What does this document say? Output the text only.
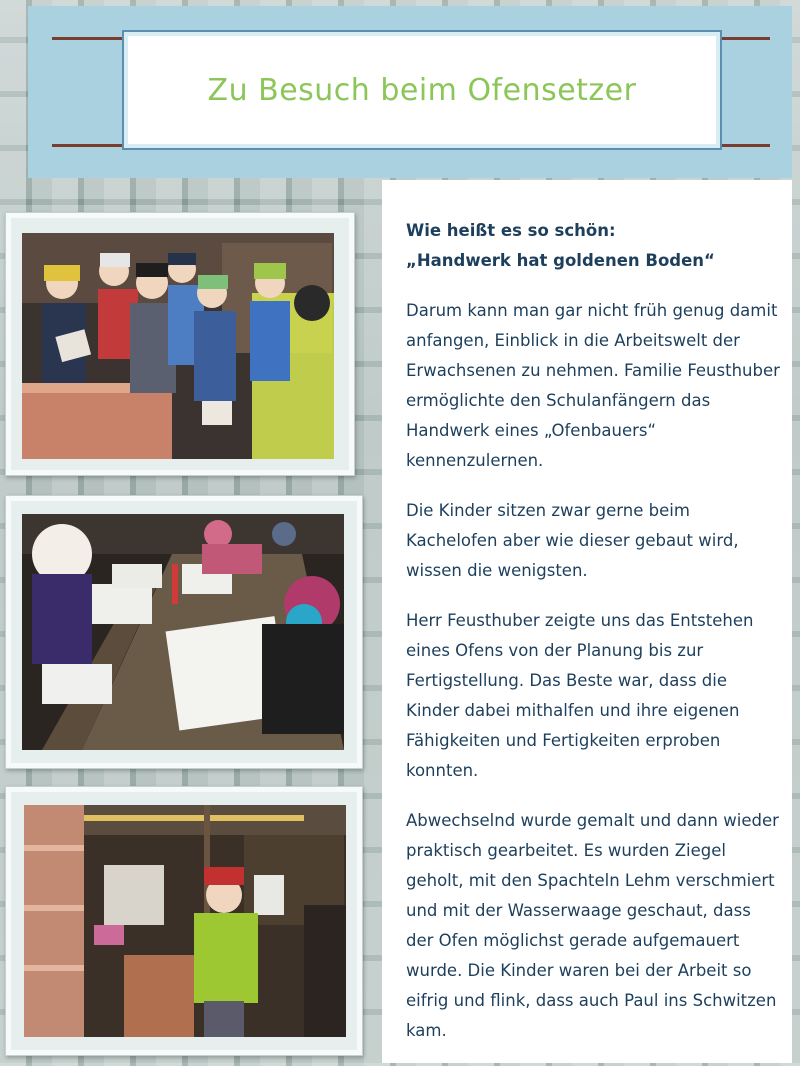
Zu Besuch beim Ofensetzer

Wie heißt es so schön:
„Handwerk hat goldenen Boden“

Darum kann man gar nicht früh genug damit anfangen, Einblick in die Arbeitswelt der Erwachsenen zu nehmen. Familie Feusthuber ermöglichte den Schulanfängern das Handwerk eines „Ofenbauers“ kennenzulernen.

Die Kinder sitzen zwar gerne beim Kachelofen aber wie dieser gebaut wird, wissen die wenigsten.

Herr Feusthuber zeigte uns das Entstehen eines Ofens von der Planung bis zur Fertigstellung. Das Beste war, dass die Kinder dabei mithalfen und ihre eigenen Fähigkeiten und Fertigkeiten erproben konnten.

Abwechselnd wurde gemalt und dann wieder praktisch gearbeitet. Es wurden Ziegel geholt, mit den Spachteln Lehm verschmiert und mit der Wasserwaage geschaut, dass der Ofen möglichst gerade aufgemauert wurde. Die Kinder waren bei der Arbeit so eifrig und flink, dass auch Paul ins Schwitzen kam.
